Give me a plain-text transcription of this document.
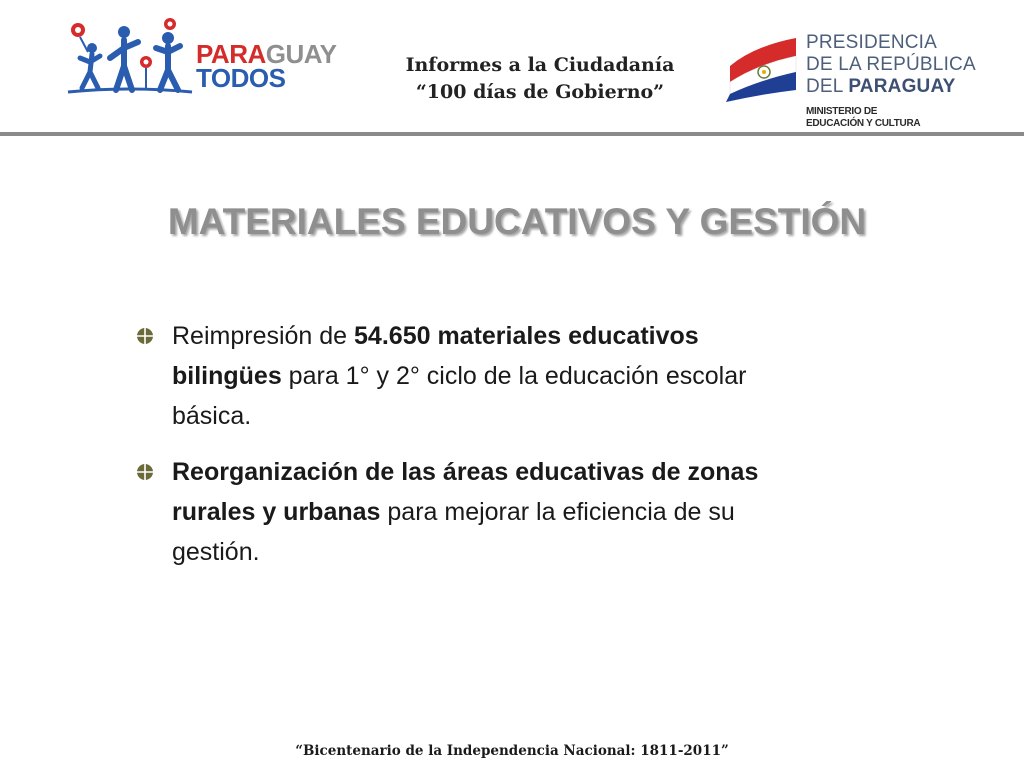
PARAGUAY
TODOS	Informes a la Ciudadanía
“100 días de Gobierno”
PRESIDENCIA
DE LA REPÚBLICA
DEL PARAGUAY
MINISTERIO DE
EDUCACIÓN Y CULTURA
MATERIALES EDUCATIVOS Y GESTIÓN
Reimpresión de 54.650 materiales educativos bilingües para 1° y 2° ciclo de la educación escolar básica.
Reorganización de las áreas educativas de zonas rurales y urbanas para mejorar la eficiencia de su gestión.
“Bicentenario de la Independencia Nacional: 1811-2011”
